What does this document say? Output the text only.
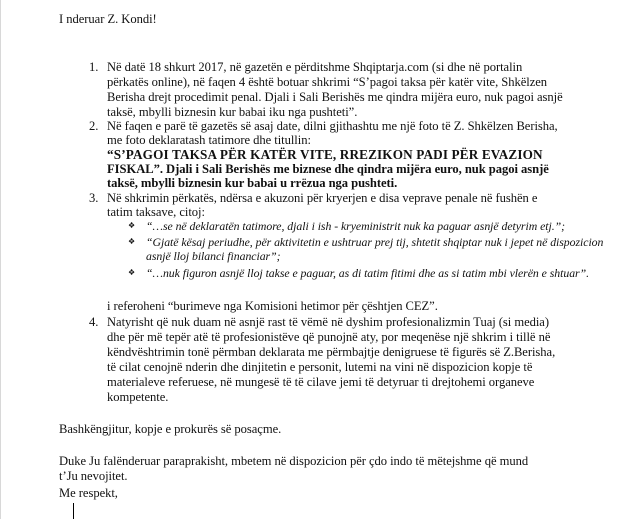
I nderuar Z. Kondi!
1. Në datë 18 shkurt 2017, në gazetën e përditshme Shqiptarja.com (si dhe në portalin
përkatës online), në faqen 4 është botuar shkrimi “S’pagoi taksa për katër vite, Shkëlzen
Berisha drejt procedimit penal. Djali i Sali Berishës me qindra mijëra euro, nuk pagoi asnjë
taksë, mbylli biznesin kur babai iku nga pushteti”.
2. Në faqen e parë të gazetës së asaj date, dilni gjithashtu me një foto të Z. Shkëlzen Berisha,
me foto deklaratash tatimore dhe titullin:
“S’PAGOI TAKSA PËR KATËR VITE, RREZIKON PADI PËR EVAZION
FISKAL”. Djali i Sali Berishës me biznese dhe qindra mijëra euro, nuk pagoi asnjë
taksë, mbylli biznesin kur babai u rrëzua nga pushteti.
3. Në shkrimin përkatës, ndërsa e akuzoni për kryerjen e disa veprave penale në fushën e
tatim taksave, citoj:
❖ “…se në deklaratën tatimore, djali i ish - kryeministrit nuk ka paguar asnjë detyrim etj.”;
❖ “Gjatë kësaj periudhe, për aktivitetin e ushtruar prej tij, shtetit shqiptar nuk i jepet në dispozicion
asnjë lloj bilanci financiar”;
❖ “…nuk figuron asnjë lloj takse e paguar, as di tatim fitimi dhe as si tatim mbi vlerën e shtuar”.
i referoheni “burimeve nga Komisioni hetimor për çështjen CEZ”.
4. Natyrisht që nuk duam në asnjë rast të vëmë në dyshim profesionalizmin Tuaj (si media)
dhe për më tepër atë të profesionistëve që punojnë aty, por meqenëse një shkrim i tillë në
këndvështrimin tonë përmban deklarata me përmbajtje denigruese të figurës së Z.Berisha,
të cilat cenojnë nderin dhe dinjitetin e personit, lutemi na vini në dispozicion kopje të
materialeve referuese, në mungesë të të cilave jemi të detyruar ti drejtohemi organeve
kompetente.
Bashkëngjitur, kopje e prokurës së posaçme.
Duke Ju falënderuar paraprakisht, mbetem në dispozicion për çdo indo të mëtejshme që mund
t’Ju nevojitet.
Me respekt,
